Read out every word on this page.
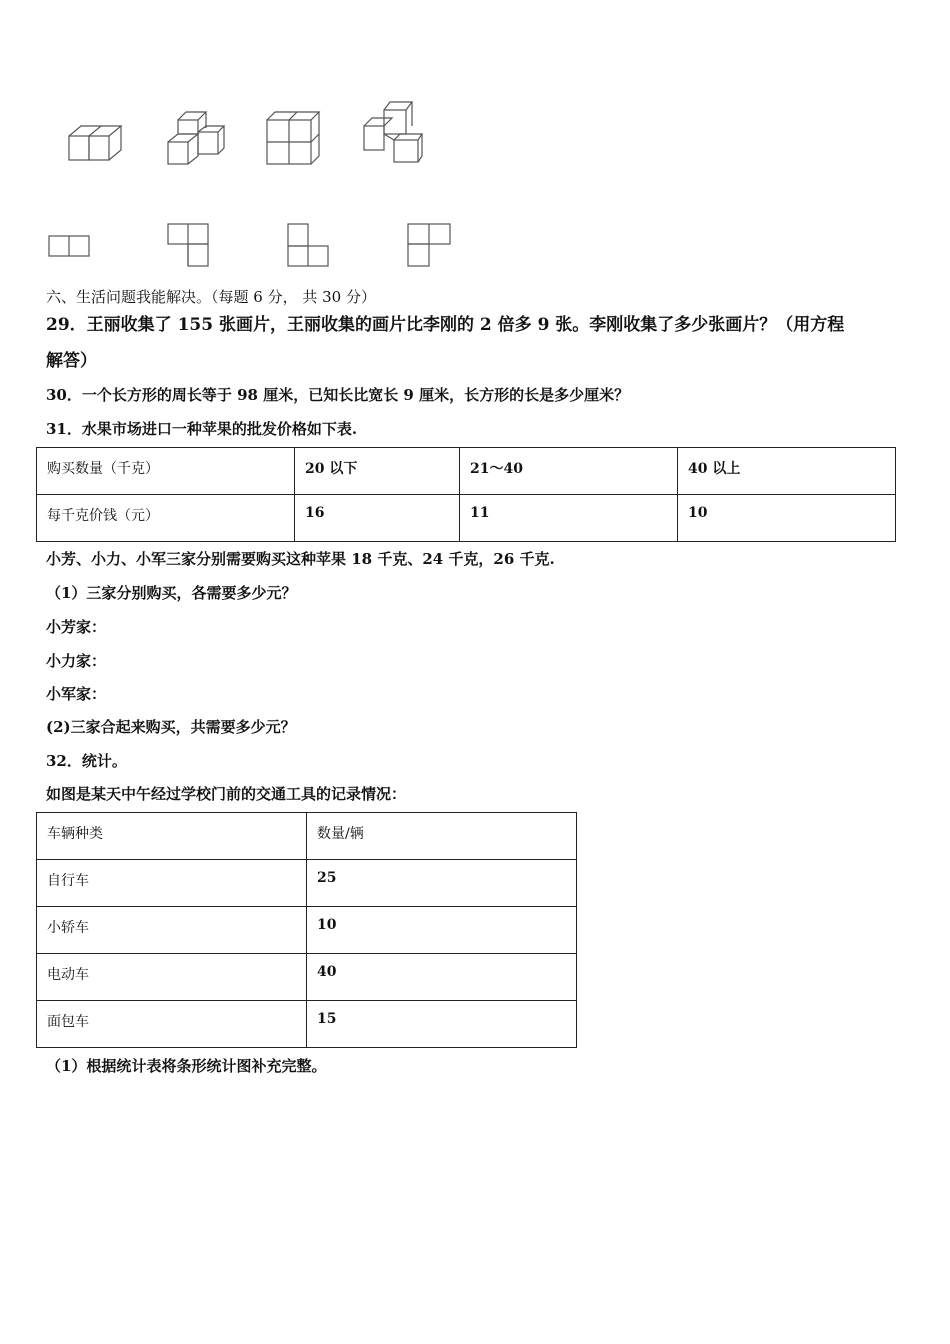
六、生活问题我能解决。（每题 6 分， 共 30 分）
29．王丽收集了 155 张画片，王丽收集的画片比李刚的 2 倍多 9 张。李刚收集了多少张画片？（用方程
解答）
30．一个长方形的周长等于 98 厘米，已知长比宽长 9 厘米，长方形的长是多少厘米？
31．水果市场进口一种苹果的批发价格如下表.
购买数量（千克）	20 以下	21～40	40 以上
每千克价钱（元）	16	11	10
小芳、小力、小军三家分别需要购买这种苹果 18 千克、24 千克，26 千克.
（1）三家分别购买，各需要多少元？
小芳家：
小力家：
小军家：
(2)三家合起来购买，共需要多少元？
32．统计。
如图是某天中午经过学校门前的交通工具的记录情况：
车辆种类	数量/辆
自行车	25
小轿车	10
电动车	40
面包车	15
（1）根据统计表将条形统计图补充完整。
